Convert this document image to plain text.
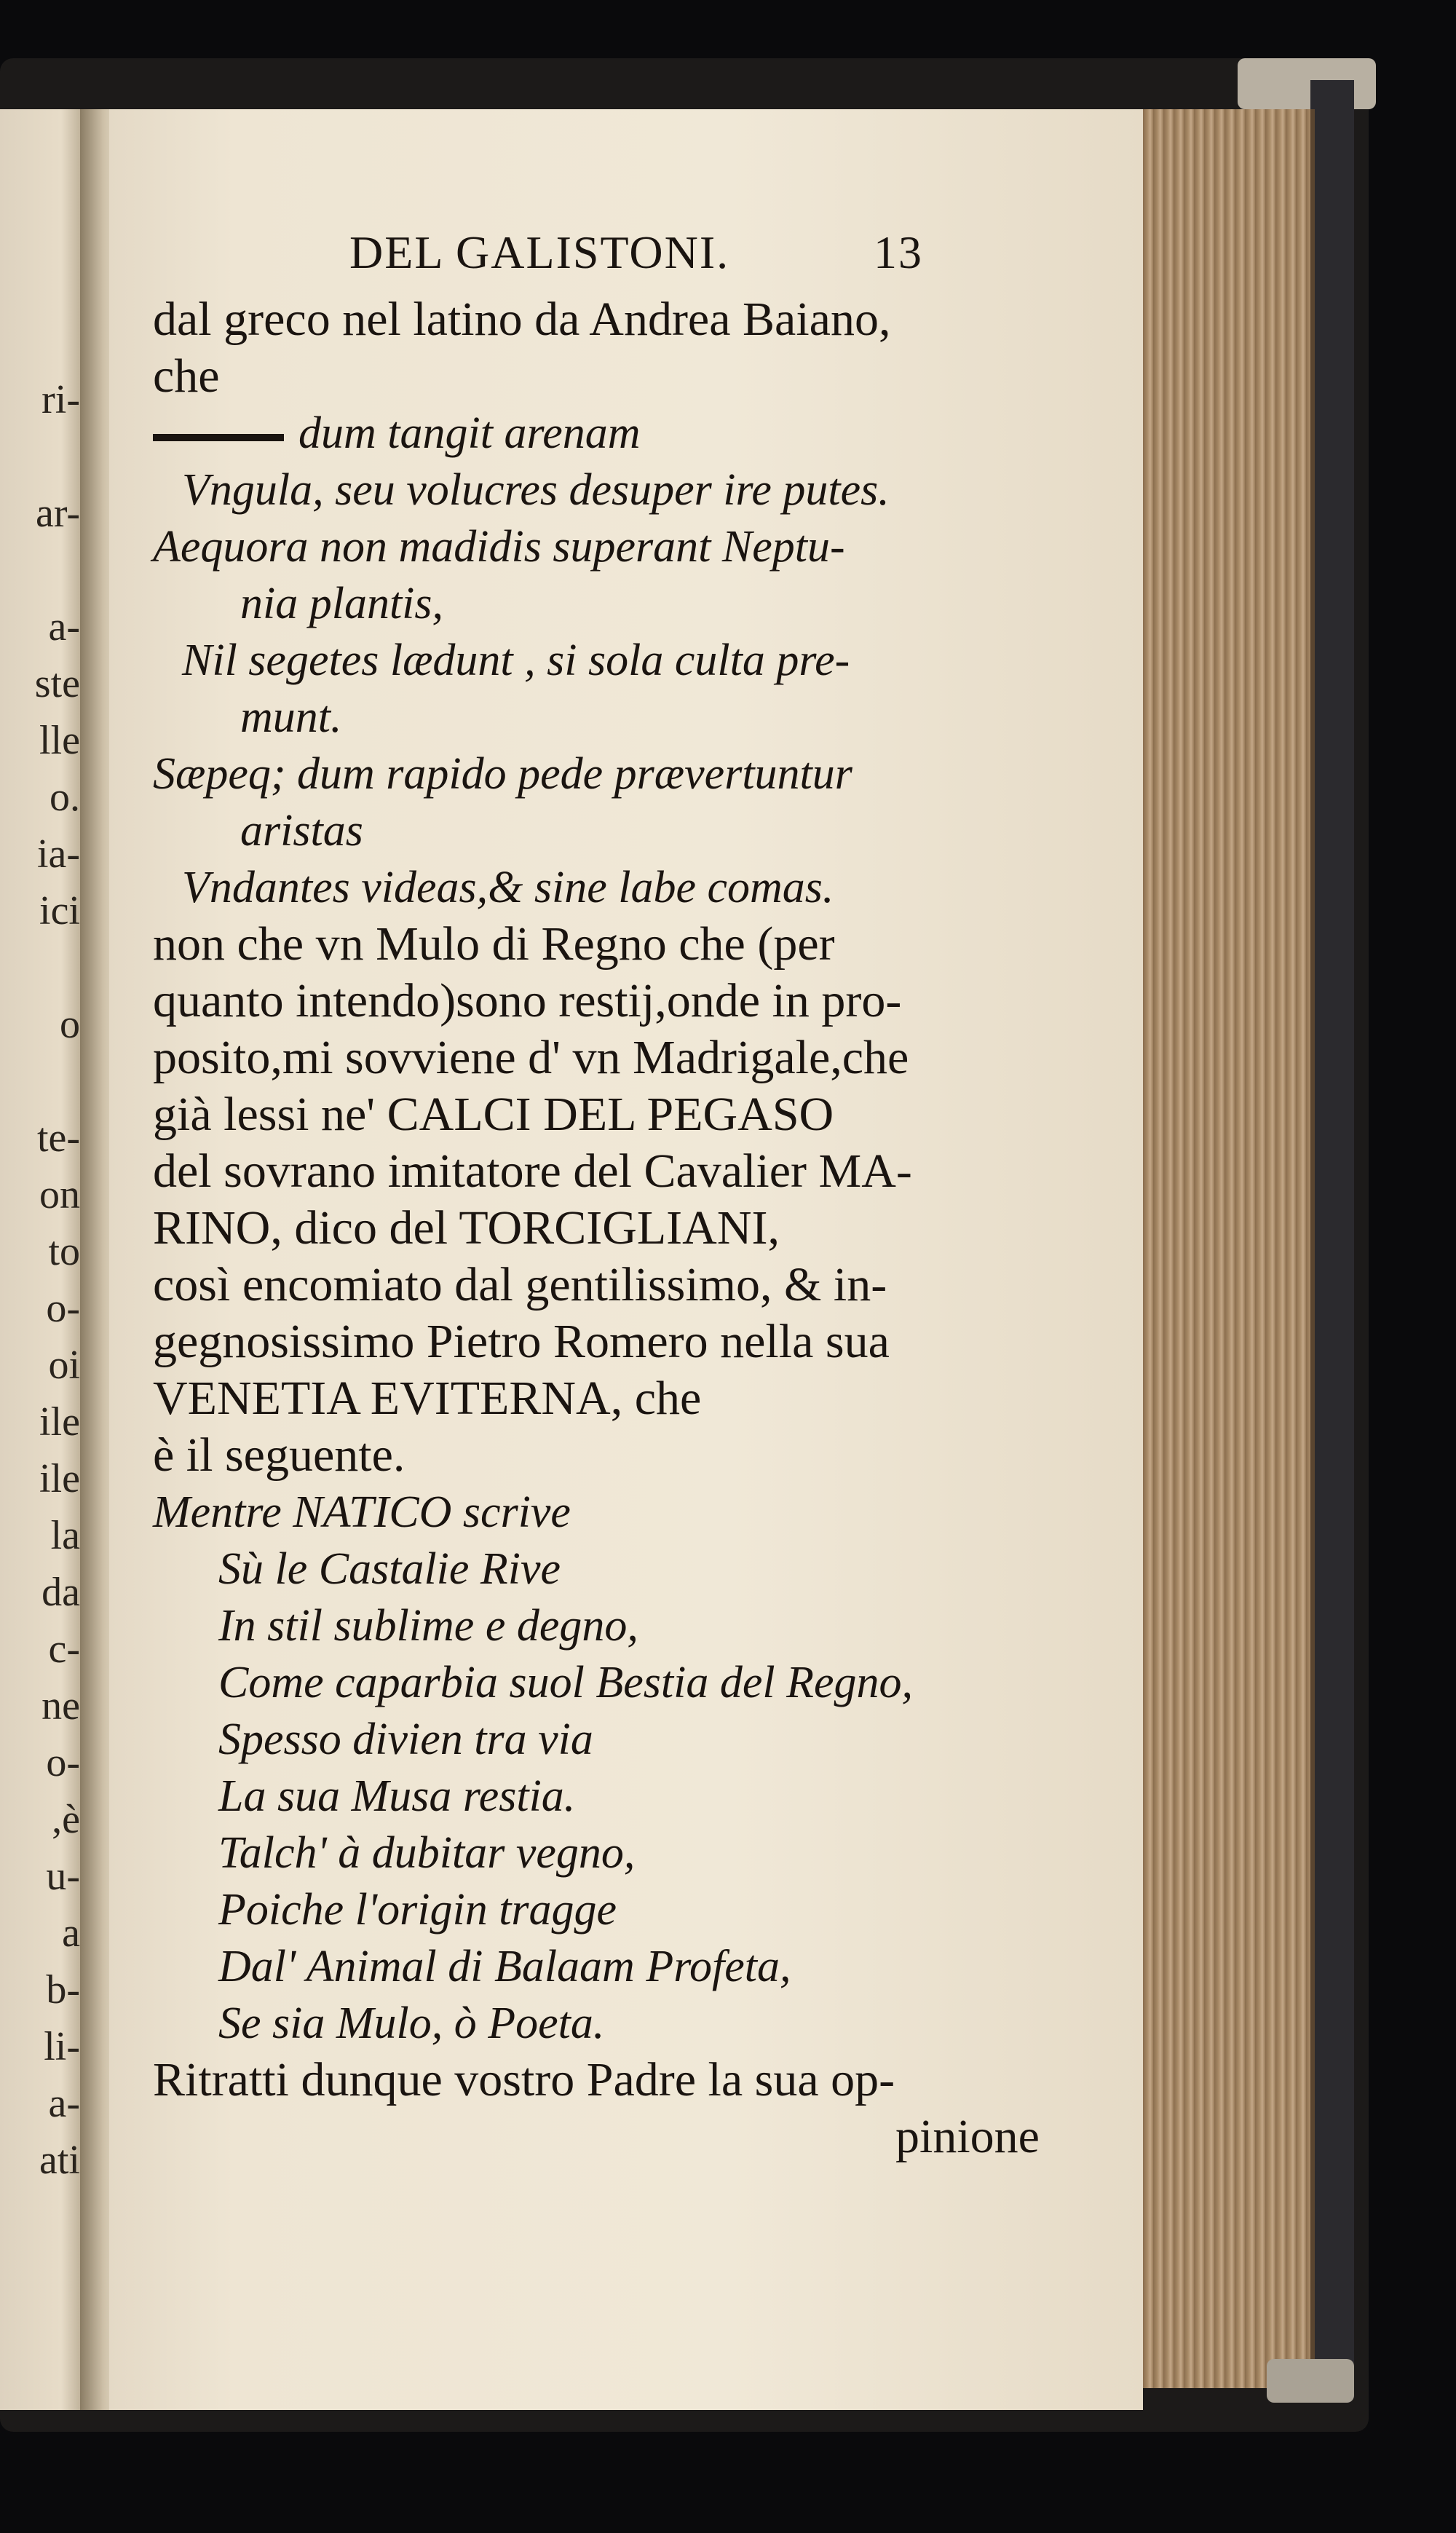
ri-
ar-
a-
ste
lle
o.
ia-
ici
o
te-
on
to
o-
oi
ile
ile
la
da
c-
ne
o-
,è
u-
a
b-
li-
a-
ati
DEL GALISTONI.	13
dal greco nel latino da Andrea Baiano,
che
dum tangit arenam
Vngula, seu volucres desuper ire putes.
Aequora non madidis superant Neptu-
nia plantis,
Nil segetes lædunt , si sola culta pre-
munt.
Sæpeq; dum rapido pede prævertuntur
aristas
Vndantes videas,& sine labe comas.
non che vn Mulo di Regno che (per
quanto intendo)sono restij,onde in pro-
posito,mi sovviene d' vn Madrigale,che
già lessi ne' CALCI DEL PEGASO
del sovrano imitatore del Cavalier MA-
RINO, dico del TORCIGLIANI,
così encomiato dal gentilissimo, & in-
gegnosissimo Pietro Romero nella sua
VENETIA EVITERNA, che
è il seguente.
Mentre NATICO scrive
Sù le Castalie Rive
In stil sublime e degno,
Come caparbia suol Bestia del Regno,
Spesso divien tra via
La sua Musa restia.
Talch' à dubitar vegno,
Poiche l'origin tragge
Dal' Animal di Balaam Profeta,
Se sia Mulo, ò Poeta.
Ritratti dunque vostro Padre la sua op-
pinione
